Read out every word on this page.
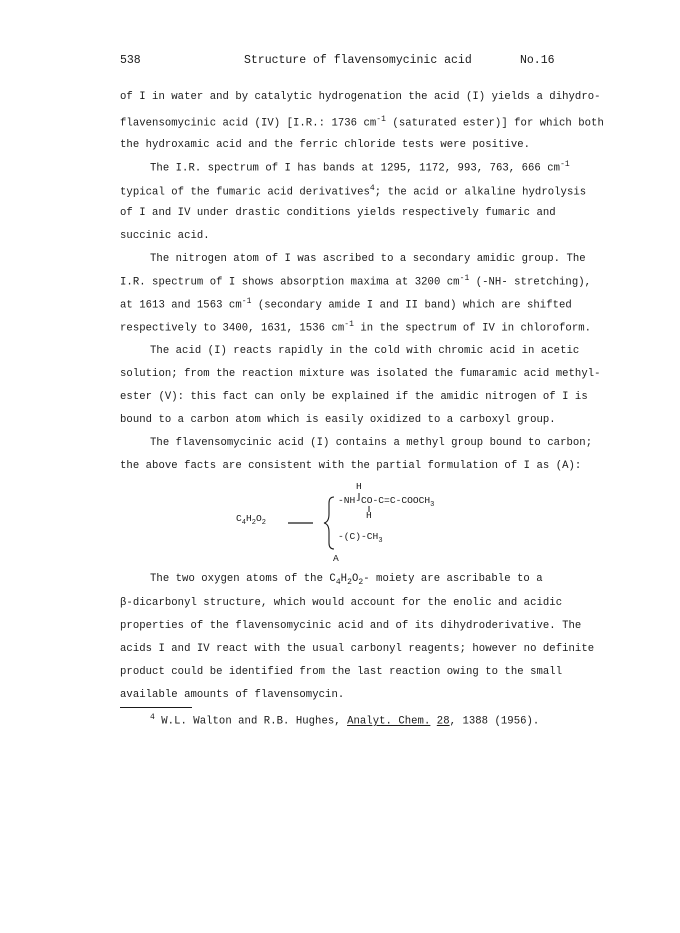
538	Structure of flavensomycinic acid	No.16
of I in water and by catalytic hydrogenation the acid (I) yields a dihydro-
flavensomycinic acid (IV) [I.R.: 1736 $cm^{-1}$ (saturated ester)] for which both
the hydroxamic acid and the ferric chloride tests were positive.
The I.R. spectrum of I has bands at 1295, 1172, 993, 763, 666 $cm^{-1}$
typical of the fumaric acid derivatives$^4$; the acid or alkaline hydrolysis
of I and IV under drastic conditions yields respectively fumaric and
succinic acid.
The nitrogen atom of I was ascribed to a secondary amidic group. The
I.R. spectrum of I shows absorption maxima at 3200 $cm^{-1}$ (-NH- stretching),
at 1613 and 1563 $cm^{-1}$ (secondary amide I and II band) which are shifted
respectively to 3400, 1631, 1536 $cm^{-1}$ in the spectrum of IV in chloroform.
The acid (I) reacts rapidly in the cold with chromic acid in acetic
solution; from the reaction mixture was isolated the fumaramic acid methyl-
ester (V): this fact can only be explained if the amidic nitrogen of I is
bound to a carbon atom which is easily oxidized to a carboxyl group.
The flavensomycinic acid (I) contains a methyl group bound to carbon;
the above facts are consistent with the partial formulation of I as (A):
H
$-NH-CO-C=C-COOCH_3$
H
$C_4H_2O_2$
$-(C)-CH_3$
A
The two oxygen atoms of the $C_4H_2O_2-$ moiety are ascribable to a
β-dicarbonyl structure, which would account for the enolic and acidic
properties of the flavensomycinic acid and of its dihydroderivative. The
acids I and IV react with the usual carbonyl reagents; however no definite
product could be identified from the last reaction owing to the small
available amounts of flavensomycin.
$^4$ W.L. Walton and R.B. Hughes, Analyt. Chem. 28, 1388 (1956).
